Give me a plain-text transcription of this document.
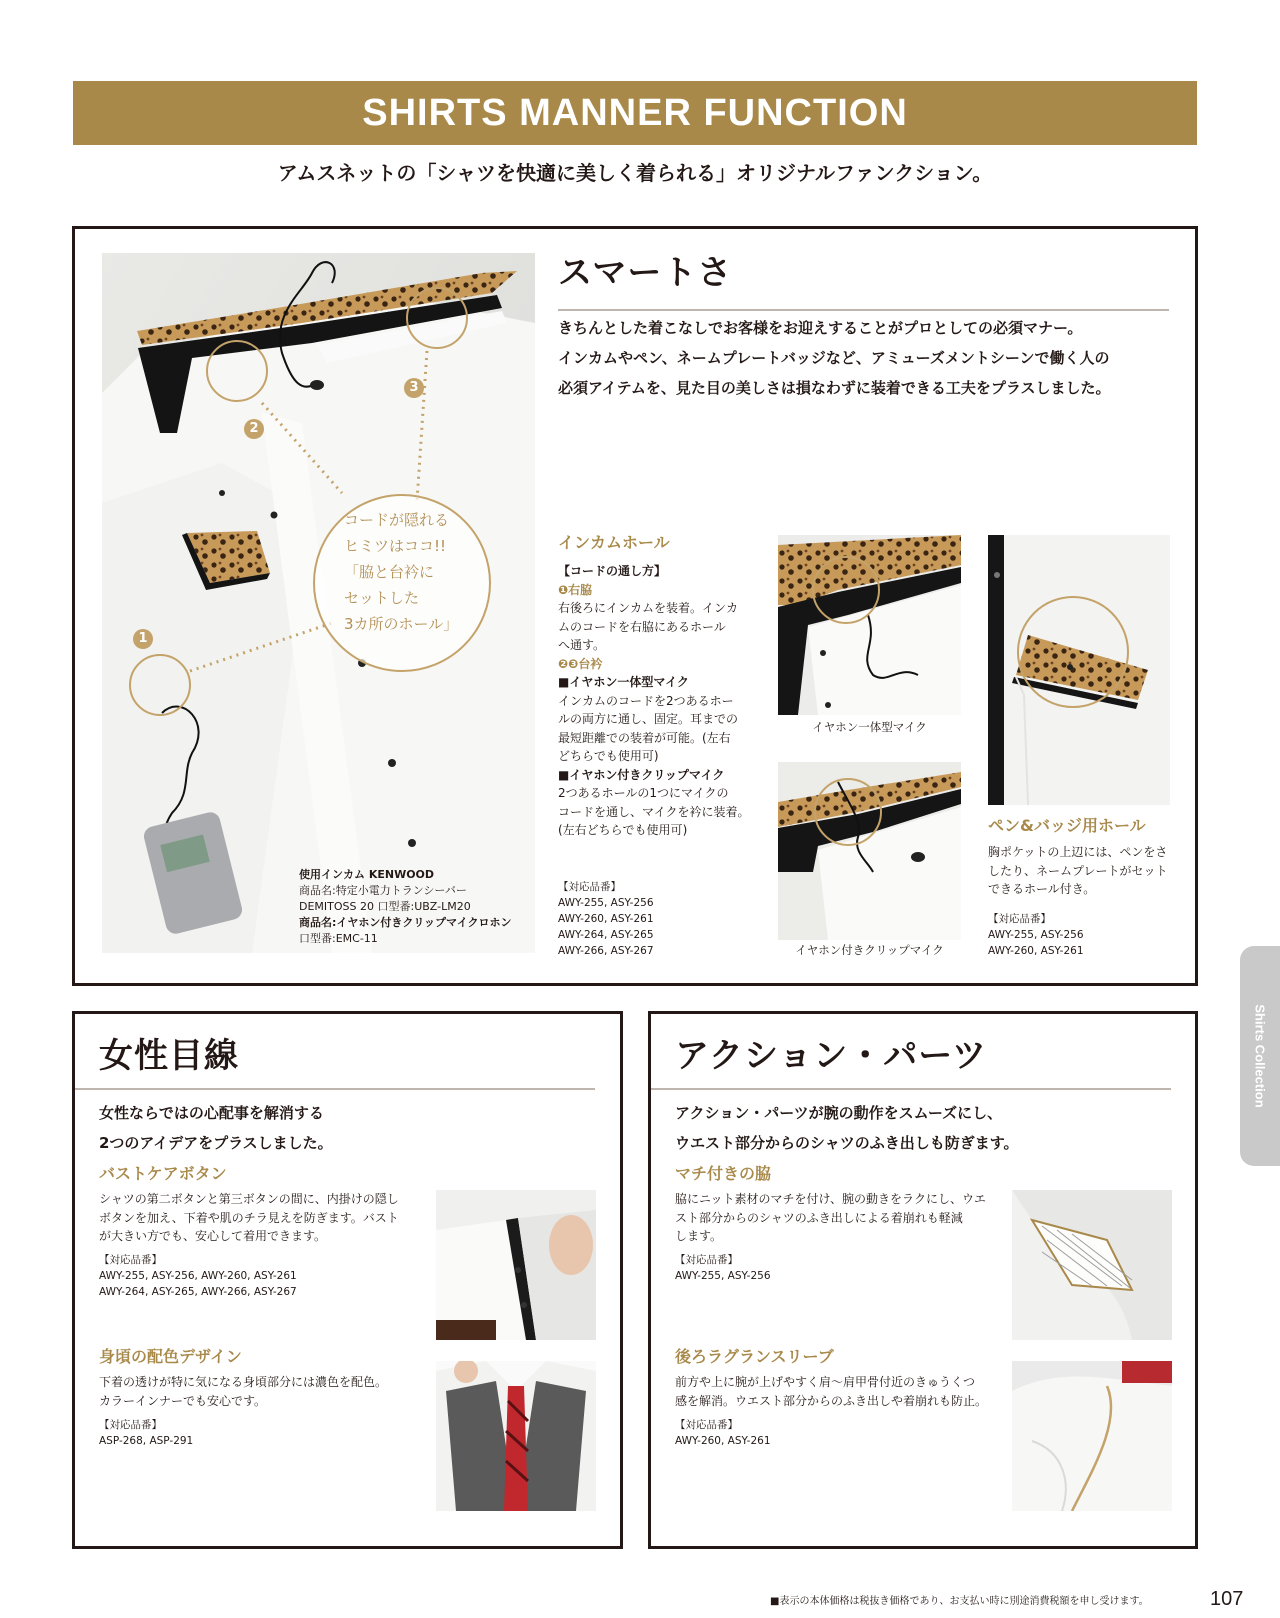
SHIRTS MANNER FUNCTION
アムスネットの「シャツを快適に美しく着られる」オリジナルファンクション。
1
2
3
コードが隠れる
ヒミツはココ!!
「脇と台衿に
セットした
3カ所のホール」
使用インカム KENWOOD
商品名:特定小電力トランシーバー
DEMITOSS 20 口型番:UBZ-LM20
商品名:イヤホン付きクリップマイクロホン
口型番:EMC-11
スマートさ
きちんとした着こなしでお客様をお迎えすることがプロとしての必須マナー。
インカムやペン、ネームプレートバッジなど、アミューズメントシーンで働く人の
必須アイテムを、見た目の美しさは損なわずに装着できる工夫をプラスしました。
インカムホール
【コードの通し方】
❶右脇
右後ろにインカムを装着。インカ
ムのコードを右脇にあるホール
へ通す。
❷❸台衿
■イヤホン一体型マイク
インカムのコードを2つあるホー
ルの両方に通し、固定。耳までの
最短距離での装着が可能。(左右
どちらでも使用可)
■イヤホン付きクリップマイク
2つあるホールの1つにマイクの
コードを通し、マイクを衿に装着。
(左右どちらでも使用可)
【対応品番】
AWY-255, ASY-256
AWY-260, ASY-261
AWY-264, ASY-265
AWY-266, ASY-267
イヤホン一体型マイク
イヤホン付きクリップマイク
ペン&バッジ用ホール
胸ポケットの上辺には、ペンをさ
したり、ネームプレートがセット
できるホール付き。
【対応品番】
AWY-255, ASY-256
AWY-260, ASY-261
女性目線
女性ならではの心配事を解消する
2つのアイデアをプラスしました。
バストケアボタン
シャツの第二ボタンと第三ボタンの間に、内掛けの隠し
ボタンを加え、下着や肌のチラ見えを防ぎます。バスト
が大きい方でも、安心して着用できます。
【対応品番】
AWY-255, ASY-256, AWY-260, ASY-261
AWY-264, ASY-265, AWY-266, ASY-267
身頃の配色デザイン
下着の透けが特に気になる身頃部分には濃色を配色。
カラーインナーでも安心です。
【対応品番】
ASP-268, ASP-291
アクション・パーツ
アクション・パーツが腕の動作をスムーズにし、
ウエスト部分からのシャツのふき出しも防ぎます。
マチ付きの脇
脇にニット素材のマチを付け、腕の動きをラクにし、ウエ
スト部分からのシャツのふき出しによる着崩れも軽減
します。
【対応品番】
AWY-255, ASY-256
後ろラグランスリーブ
前方や上に腕が上げやすく肩〜肩甲骨付近のきゅうくつ
感を解消。ウエスト部分からのふき出しや着崩れも防止。
【対応品番】
AWY-260, ASY-261
Shirts Collection
■表示の本体価格は税抜き価格であり、お支払い時に別途消費税額を申し受けます。	107
